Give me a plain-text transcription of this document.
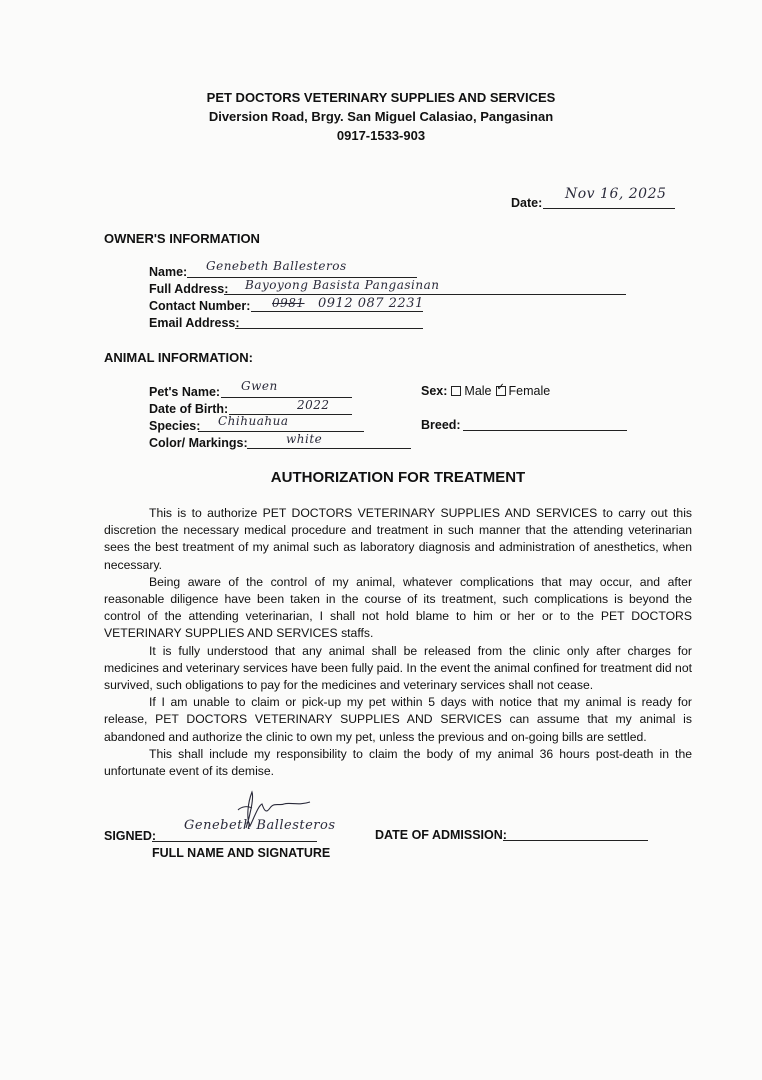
PET DOCTORS VETERINARY SUPPLIES AND SERVICES
Diversion Road, Brgy. San Miguel Calasiao, Pangasinan
0917-1533-903
Date:
Nov 16, 2025
OWNER'S INFORMATION
Name: Genebeth Ballesteros
Full Address: Bayoyong Basista Pangasinan
Contact Number: 0981 0912 087 2231
Email Address:
ANIMAL INFORMATION:
Pet's Name: Gwen
Date of Birth:	2022
Species: Chihuahua
Color/ Markings:	white
Sex: Male✓ Female
Breed:
AUTHORIZATION FOR TREATMENT

This is to authorize PET DOCTORS VETERINARY SUPPLIES AND SERVICES to carry out this discretion the necessary medical procedure and treatment in such manner that the attending veterinarian sees the best treatment of my animal such as laboratory diagnosis and administration of anesthetics, when necessary.

Being aware of the control of my animal, whatever complications that may occur, and after reasonable diligence have been taken in the course of its treatment, such complications is beyond the control of the attending veterinarian, I shall not hold blame to him or her or to the PET DOCTORS VETERINARY SUPPLIES AND SERVICES staffs.

It is fully understood that any animal shall be released from the clinic only after charges for medicines and veterinary services have been fully paid. In the event the animal confined for treatment did not survived, such obligations to pay for the medicines and veterinary services shall not cease.

If I am unable to claim or pick-up my pet within 5 days with notice that my animal is ready for release, PET DOCTORS VETERINARY SUPPLIES AND SERVICES can assume that my animal is abandoned and authorize the clinic to own my pet, unless the previous and on-going bills are settled.

This shall include my responsibility to claim the body of my animal 36 hours post-death in the unfortunate event of its demise.

SIGNED:
Genebeth Ballesteros
FULL NAME AND SIGNATURE
DATE OF ADMISSION:
